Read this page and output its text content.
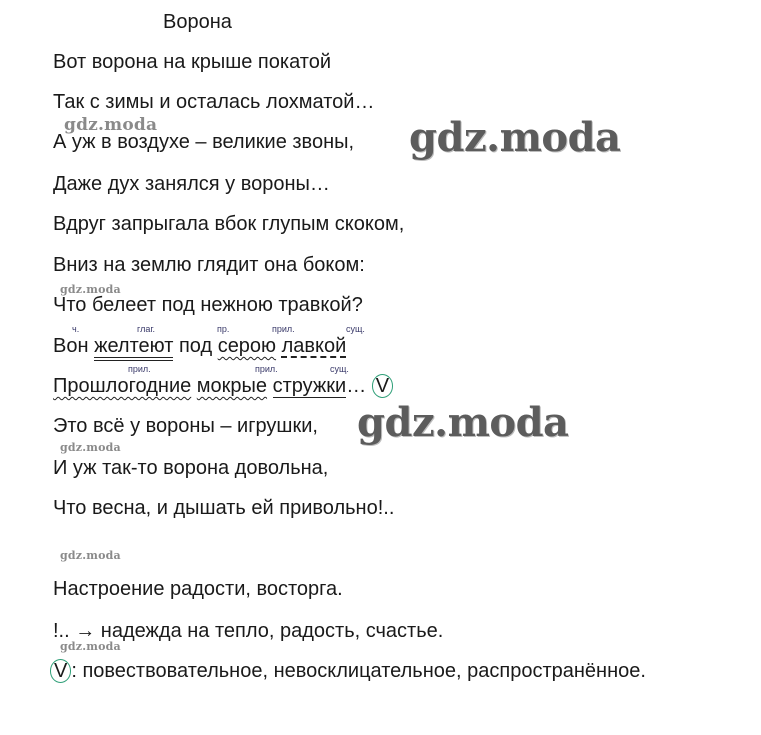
Ворона
Вот ворона на крыше покатой
Так с зимы и осталась лохматой…
А уж в воздухе – великие звоны,
Даже дух занялся у вороны…
Вдруг запрыгала вбок глупым скоком,
Вниз на землю глядит она боком:
Что белеет под нежною травкой?
ч.	глаг.	пр.	прил.	сущ.
Вон желтеют под серою лавкой
прил.	прил.	сущ.
Прошлогодние мокрые стружки… V
Это всё у вороны – игрушки,
И уж так-то ворона довольна,
Что весна, и дышать ей привольно!..
Настроение радости, восторга.
!.. → надежда на тепло, радость, счастье.
V : повествовательное, невосклицательное, распространённое.
gdz.moda	gdz.moda
gdz.moda
gdz.moda
gdz.moda
gdz.moda
gdz.moda
